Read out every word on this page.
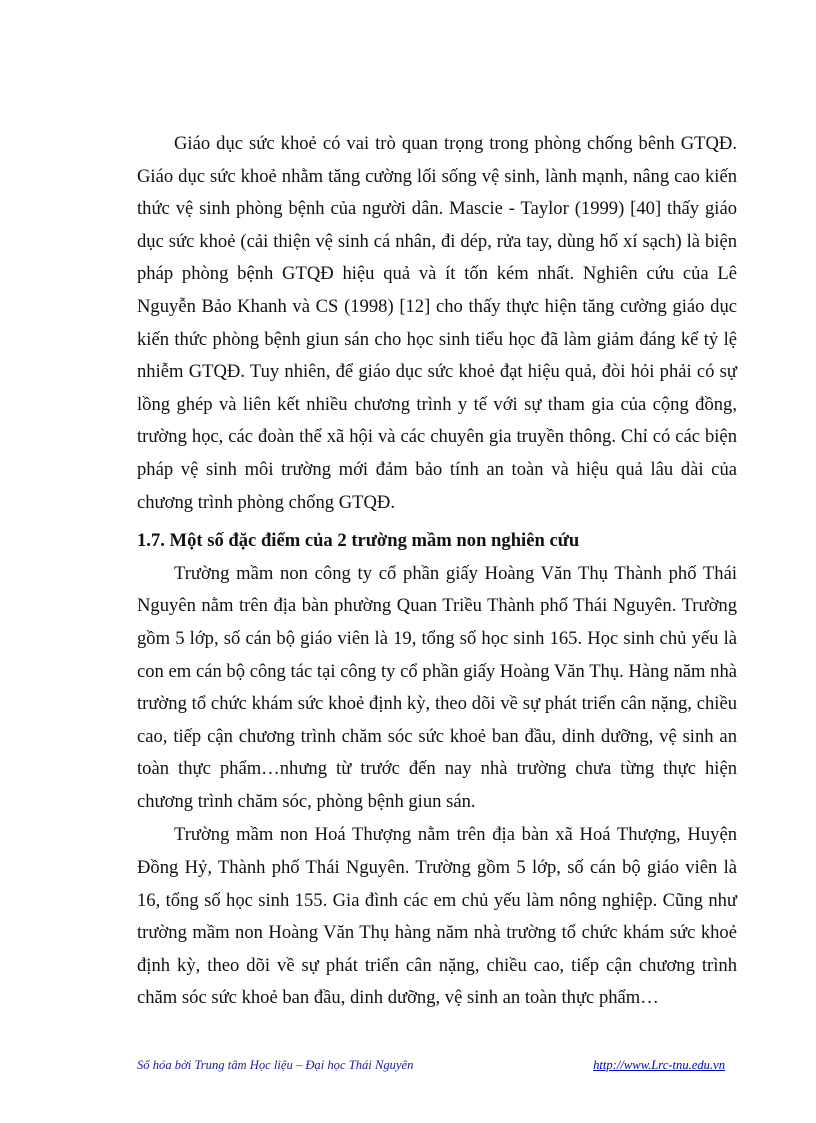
Giáo dục sức khoẻ có vai trò quan trọng trong phòng chống bênh GTQĐ. Giáo dục sức khoẻ nhằm tăng cường lối sống vệ sinh, lành mạnh, nâng cao kiến thức vệ sinh phòng bệnh của người dân. Mascie - Taylor (1999) [40] thấy giáo dục sức khoẻ (cải thiện vệ sinh cá nhân, đi dép, rửa tay, dùng hố xí sạch) là biện pháp phòng bệnh GTQĐ hiệu quả và ít tốn kém nhất. Nghiên cứu của Lê Nguyễn Bảo Khanh và CS (1998) [12] cho thấy thực hiện tăng cường giáo dục kiến thức phòng bệnh giun sán cho học sinh tiểu học đã làm giảm đáng kể tỷ lệ nhiễm GTQĐ. Tuy nhiên, để giáo dục sức khoẻ đạt hiệu quả, đòi hỏi phải có sự lồng ghép và liên kết nhiều chương trình y tế với sự tham gia của cộng đồng, trường học, các đoàn thể xã hội và các chuyên gia truyền thông. Chỉ có các biện pháp vệ sinh môi trường mới đảm bảo tính an toàn và hiệu quả lâu dài của chương trình phòng chống GTQĐ.

1.7. Một số đặc điểm của 2 trường mầm non nghiên cứu

Trường mầm non công ty cổ phần giấy Hoàng Văn Thụ Thành phố Thái Nguyên nằm trên địa bàn phường Quan Triều Thành phố Thái Nguyên. Trường gồm 5 lớp, số cán bộ giáo viên là 19, tổng số học sinh 165. Học sinh chủ yếu là con em cán bộ công tác tại công ty cổ phần giấy Hoàng Văn Thụ. Hàng năm nhà trường tổ chức khám sức khoẻ định kỳ, theo dõi về sự phát triển cân nặng, chiều cao, tiếp cận chương trình chăm sóc sức khoẻ ban đầu, dinh dưỡng, vệ sinh an toàn thực phẩm…nhưng từ trước đến nay nhà trường chưa từng thực hiện chương trình chăm sóc, phòng bệnh giun sán.

Trường mầm non Hoá Thượng nằm trên địa bàn xã Hoá Thượng, Huyện Đồng Hỷ, Thành phố Thái Nguyên. Trường gồm 5 lớp, số cán bộ giáo viên là 16, tổng số học sinh 155. Gia đình các em chủ yếu làm nông nghiệp. Cũng như trường mầm non Hoàng Văn Thụ hàng năm nhà trường tổ chức khám sức khoẻ định kỳ, theo dõi về sự phát triển cân nặng, chiều cao, tiếp cận chương trình chăm sóc sức khoẻ ban đầu, dinh dưỡng, vệ sinh an toàn thực phẩm…

Số hóa bởi Trung tâm Học liệu – Đại học Thái Nguyên	http://www.Lrc-tnu.edu.vn
